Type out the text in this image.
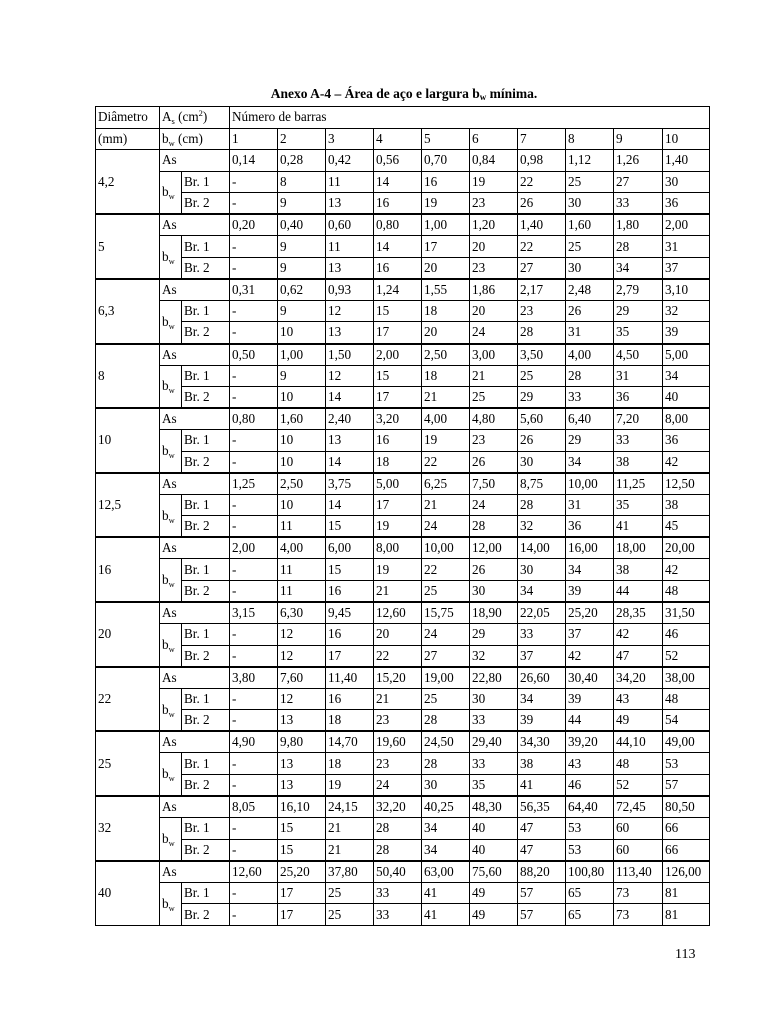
Anexo A-4 – Área de aço e largura $b_w$ mínima.
Diâmetro	$A_s$ $(cm^2)$		Número de barras									
(mm)	$b_w$ (cm)		1	2	3	4	5	6	7	8	9	10
4,2	As		0,14	0,28	0,42	0,56	0,70	0,84	0,98	1,12	1,26	1,40
	$b_w$	Br. 1	-	8	11	14	16	19	22	25	27	30
		Br. 2	-	9	13	16	19	23	26	30	33	36
5	As		0,20	0,40	0,60	0,80	1,00	1,20	1,40	1,60	1,80	2,00
	$b_w$	Br. 1	-	9	11	14	17	20	22	25	28	31
		Br. 2	-	9	13	16	20	23	27	30	34	37
6,3	As		0,31	0,62	0,93	1,24	1,55	1,86	2,17	2,48	2,79	3,10
	$b_w$	Br. 1	-	9	12	15	18	20	23	26	29	32
		Br. 2	-	10	13	17	20	24	28	31	35	39
8	As		0,50	1,00	1,50	2,00	2,50	3,00	3,50	4,00	4,50	5,00
	$b_w$	Br. 1	-	9	12	15	18	21	25	28	31	34
		Br. 2	-	10	14	17	21	25	29	33	36	40
10	As		0,80	1,60	2,40	3,20	4,00	4,80	5,60	6,40	7,20	8,00
	$b_w$	Br. 1	-	10	13	16	19	23	26	29	33	36
		Br. 2	-	10	14	18	22	26	30	34	38	42
12,5	As		1,25	2,50	3,75	5,00	6,25	7,50	8,75	10,00	11,25	12,50
	$b_w$	Br. 1	-	10	14	17	21	24	28	31	35	38
		Br. 2	-	11	15	19	24	28	32	36	41	45
16	As		2,00	4,00	6,00	8,00	10,00	12,00	14,00	16,00	18,00	20,00
	$b_w$	Br. 1	-	11	15	19	22	26	30	34	38	42
		Br. 2	-	11	16	21	25	30	34	39	44	48
20	As		3,15	6,30	9,45	12,60	15,75	18,90	22,05	25,20	28,35	31,50
	$b_w$	Br. 1	-	12	16	20	24	29	33	37	42	46
		Br. 2	-	12	17	22	27	32	37	42	47	52
22	As		3,80	7,60	11,40	15,20	19,00	22,80	26,60	30,40	34,20	38,00
	$b_w$	Br. 1	-	12	16	21	25	30	34	39	43	48
		Br. 2	-	13	18	23	28	33	39	44	49	54
25	As		4,90	9,80	14,70	19,60	24,50	29,40	34,30	39,20	44,10	49,00
	$b_w$	Br. 1	-	13	18	23	28	33	38	43	48	53
		Br. 2	-	13	19	24	30	35	41	46	52	57
32	As		8,05	16,10	24,15	32,20	40,25	48,30	56,35	64,40	72,45	80,50
	$b_w$	Br. 1	-	15	21	28	34	40	47	53	60	66
		Br. 2	-	15	21	28	34	40	47	53	60	66
40	As		12,60	25,20	37,80	50,40	63,00	75,60	88,20	100,80	113,40	126,00
	$b_w$	Br. 1	-	17	25	33	41	49	57	65	73	81
		Br. 2	-	17	25	33	41	49	57	65	73	81
113
